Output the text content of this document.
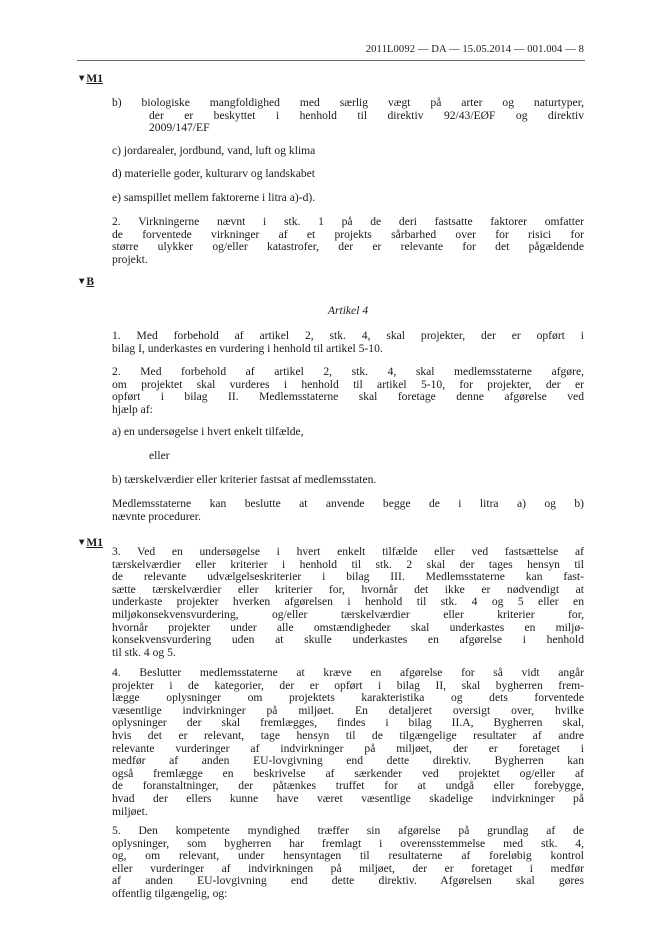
2011L0092 — DA — 15.05.2014 — 001.004 — 8
▼M1
b) biologiske mangfoldighed med særlig vægt på arter og naturtyper,
der er beskyttet i henhold til direktiv 92/43/EØF og direktiv
2009/147/EF
c) jordarealer, jordbund, vand, luft og klima
d) materielle goder, kulturarv og landskabet
e) samspillet mellem faktorerne i litra a)-d).
2. Virkningerne nævnt i stk. 1 på de deri fastsatte faktorer omfatter
de forventede virkninger af et projekts sårbarhed over for risici for
større ulykker og/eller katastrofer, der er relevante for det pågældende
projekt.
▼B
Artikel 4
1. Med forbehold af artikel 2, stk. 4, skal projekter, der er opført i
bilag I, underkastes en vurdering i henhold til artikel 5-10.
2. Med forbehold af artikel 2, stk. 4, skal medlemsstaterne afgøre,
om projektet skal vurderes i henhold til artikel 5-10, for projekter, der er
opført i bilag II. Medlemsstaterne skal foretage denne afgørelse ved
hjælp af:
a) en undersøgelse i hvert enkelt tilfælde,
eller
b) tærskelværdier eller kriterier fastsat af medlemsstaten.
Medlemsstaterne kan beslutte at anvende begge de i litra a) og b)
nævnte procedurer.
▼M1
3. Ved en undersøgelse i hvert enkelt tilfælde eller ved fastsættelse af
tærskelværdier eller kriterier i henhold til stk. 2 skal der tages hensyn til
de relevante udvælgelseskriterier i bilag III. Medlemsstaterne kan fast-
sætte tærskelværdier eller kriterier for, hvornår det ikke er nødvendigt at
underkaste projekter hverken afgørelsen i henhold til stk. 4 og 5 eller en
miljøkonsekvensvurdering, og/eller tærskelværdier eller kriterier for,
hvornår projekter under alle omstændigheder skal underkastes en miljø-
konsekvensvurdering uden at skulle underkastes en afgørelse i henhold
til stk. 4 og 5.
4. Beslutter medlemsstaterne at kræve en afgørelse for så vidt angår
projekter i de kategorier, der er opført i bilag II, skal bygherren frem-
lægge oplysninger om projektets karakteristika og dets forventede
væsentlige indvirkninger på miljøet. En detaljeret oversigt over, hvilke
oplysninger der skal fremlægges, findes i bilag II.A, Bygherren skal,
hvis det er relevant, tage hensyn til de tilgængelige resultater af andre
relevante vurderinger af indvirkninger på miljøet, der er foretaget i
medfør af anden EU-lovgivning end dette direktiv. Bygherren kan
også fremlægge en beskrivelse af særkender ved projektet og/eller af
de foranstaltninger, der påtænkes truffet for at undgå eller forebygge,
hvad der ellers kunne have været væsentlige skadelige indvirkninger på
miljøet.
5. Den kompetente myndighed træffer sin afgørelse på grundlag af de
oplysninger, som bygherren har fremlagt i overensstemmelse med stk. 4,
og, om relevant, under hensyntagen til resultaterne af foreløbig kontrol
eller vurderinger af indvirkningen på miljøet, der er foretaget i medfør
af anden EU-lovgivning end dette direktiv. Afgørelsen skal gøres
offentlig tilgængelig, og:
